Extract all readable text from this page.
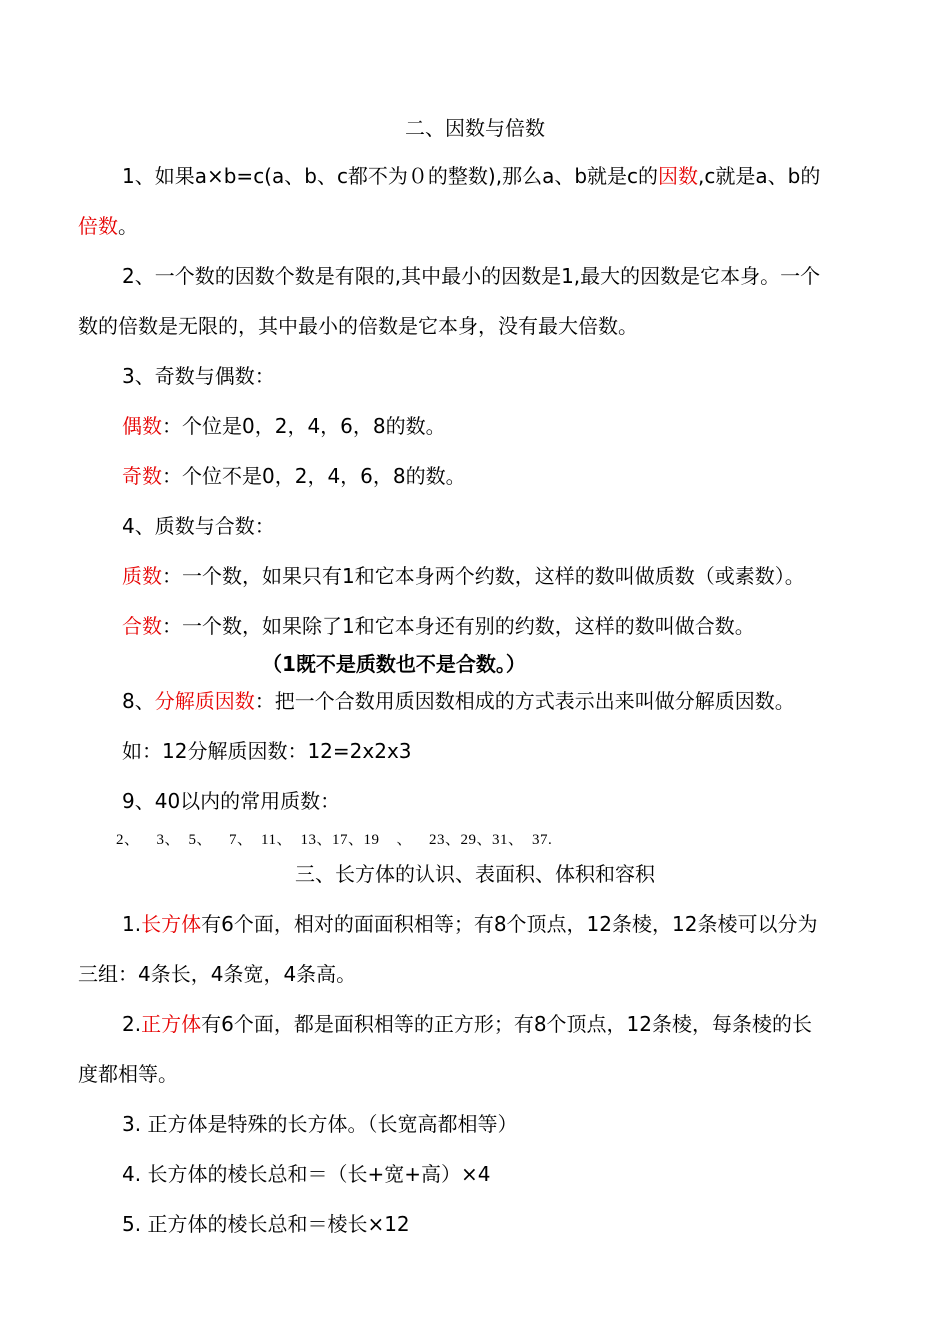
二、因数与倍数
1、如果a×b=c(a、b、c都不为０的整数),那么a、b就是c的因数,c就是a、b的
倍数。
2、一个数的因数个数是有限的,其中最小的因数是1,最大的因数是它本身。一个
数的倍数是无限的，其中最小的倍数是它本身，没有最大倍数。
3、奇数与偶数：
偶数：个位是0，2，4，6，8的数。
奇数：个位不是0，2，4，6，8的数。
4、质数与合数：
质数：一个数，如果只有1和它本身两个约数，这样的数叫做质数（或素数）。
合数：一个数，如果除了1和它本身还有别的约数，这样的数叫做合数。
（1既不是质数也不是合数。）
8、分解质因数：把一个合数用质因数相成的方式表示出来叫做分解质因数。
如：12分解质因数：12=2x2x3
9、40以内的常用质数：
2、    3、  5、    7、  11、  13、17、19    、    23、29、31、  37.
三、长方体的认识、表面积、体积和容积
1.长方体有6个面，相对的面面积相等；有8个顶点，12条棱，12条棱可以分为
三组：4条长，4条宽，4条高。
2.正方体有6个面，都是面积相等的正方形；有8个顶点，12条棱，每条棱的长
度都相等。
3. 正方体是特殊的长方体。（长宽高都相等）
4. 长方体的棱长总和＝（长+宽+高）×4
5. 正方体的棱长总和＝棱长×12
